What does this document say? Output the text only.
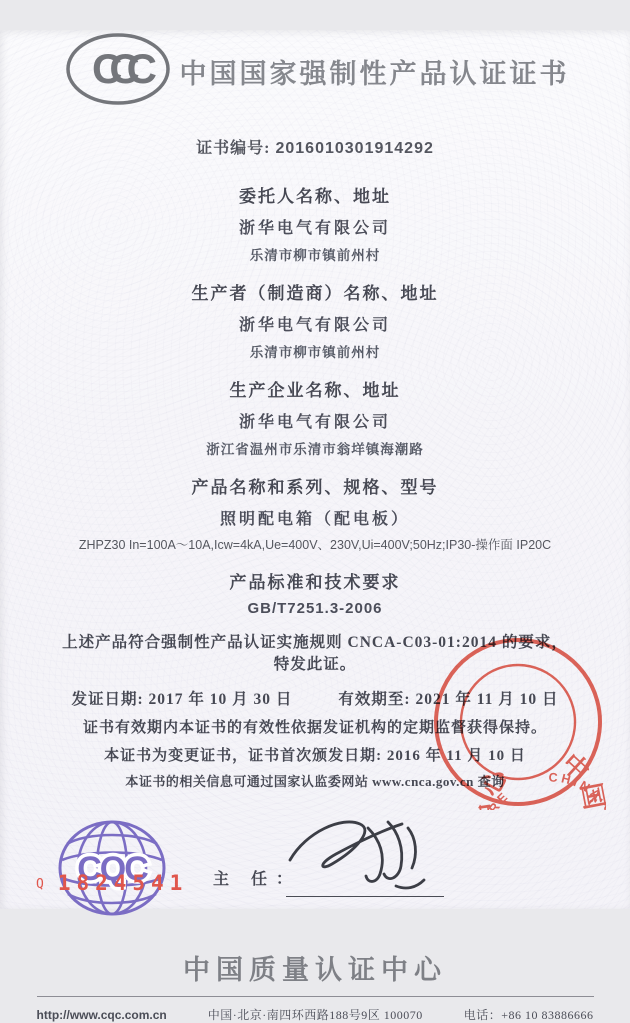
中国国家强制性产品认证证书
证书编号: 2016010301914292
委托人名称、地址
浙华电气有限公司
乐清市柳市镇前州村
生产者（制造商）名称、地址
浙华电气有限公司
乐清市柳市镇前州村
生产企业名称、地址
浙华电气有限公司
浙江省温州市乐清市翁垟镇海潮路
产品名称和系列、规格、型号
照明配电箱（配电板）
ZHPZ30 In=100A～10A,Icw=4kA,Ue=400V、230V,Ui=400V;50Hz;IP30-操作面 IP20C
产品标准和技术要求
GB/T7251.3-2006
上述产品符合强制性产品认证实施规则 CNCA-C03-01:2014 的要求，
特发此证。
发证日期: 2017 年 10 月 30 日	有效期至: 2021 年 11 月 10 日
证书有效期内本证书的有效性依据发证机构的定期监督获得保持。
本证书为变更证书，证书首次颁发日期: 2016 年 11 月 10 日
本证书的相关信息可通过国家认监委网站 www.cnca.gov.cn 查询
主 任：
中国质量认证中心
http://www.cqc.com.cn	中国·北京·南四环西路188号9区 100070	电话：+86 10 83886666
Q 1824541
